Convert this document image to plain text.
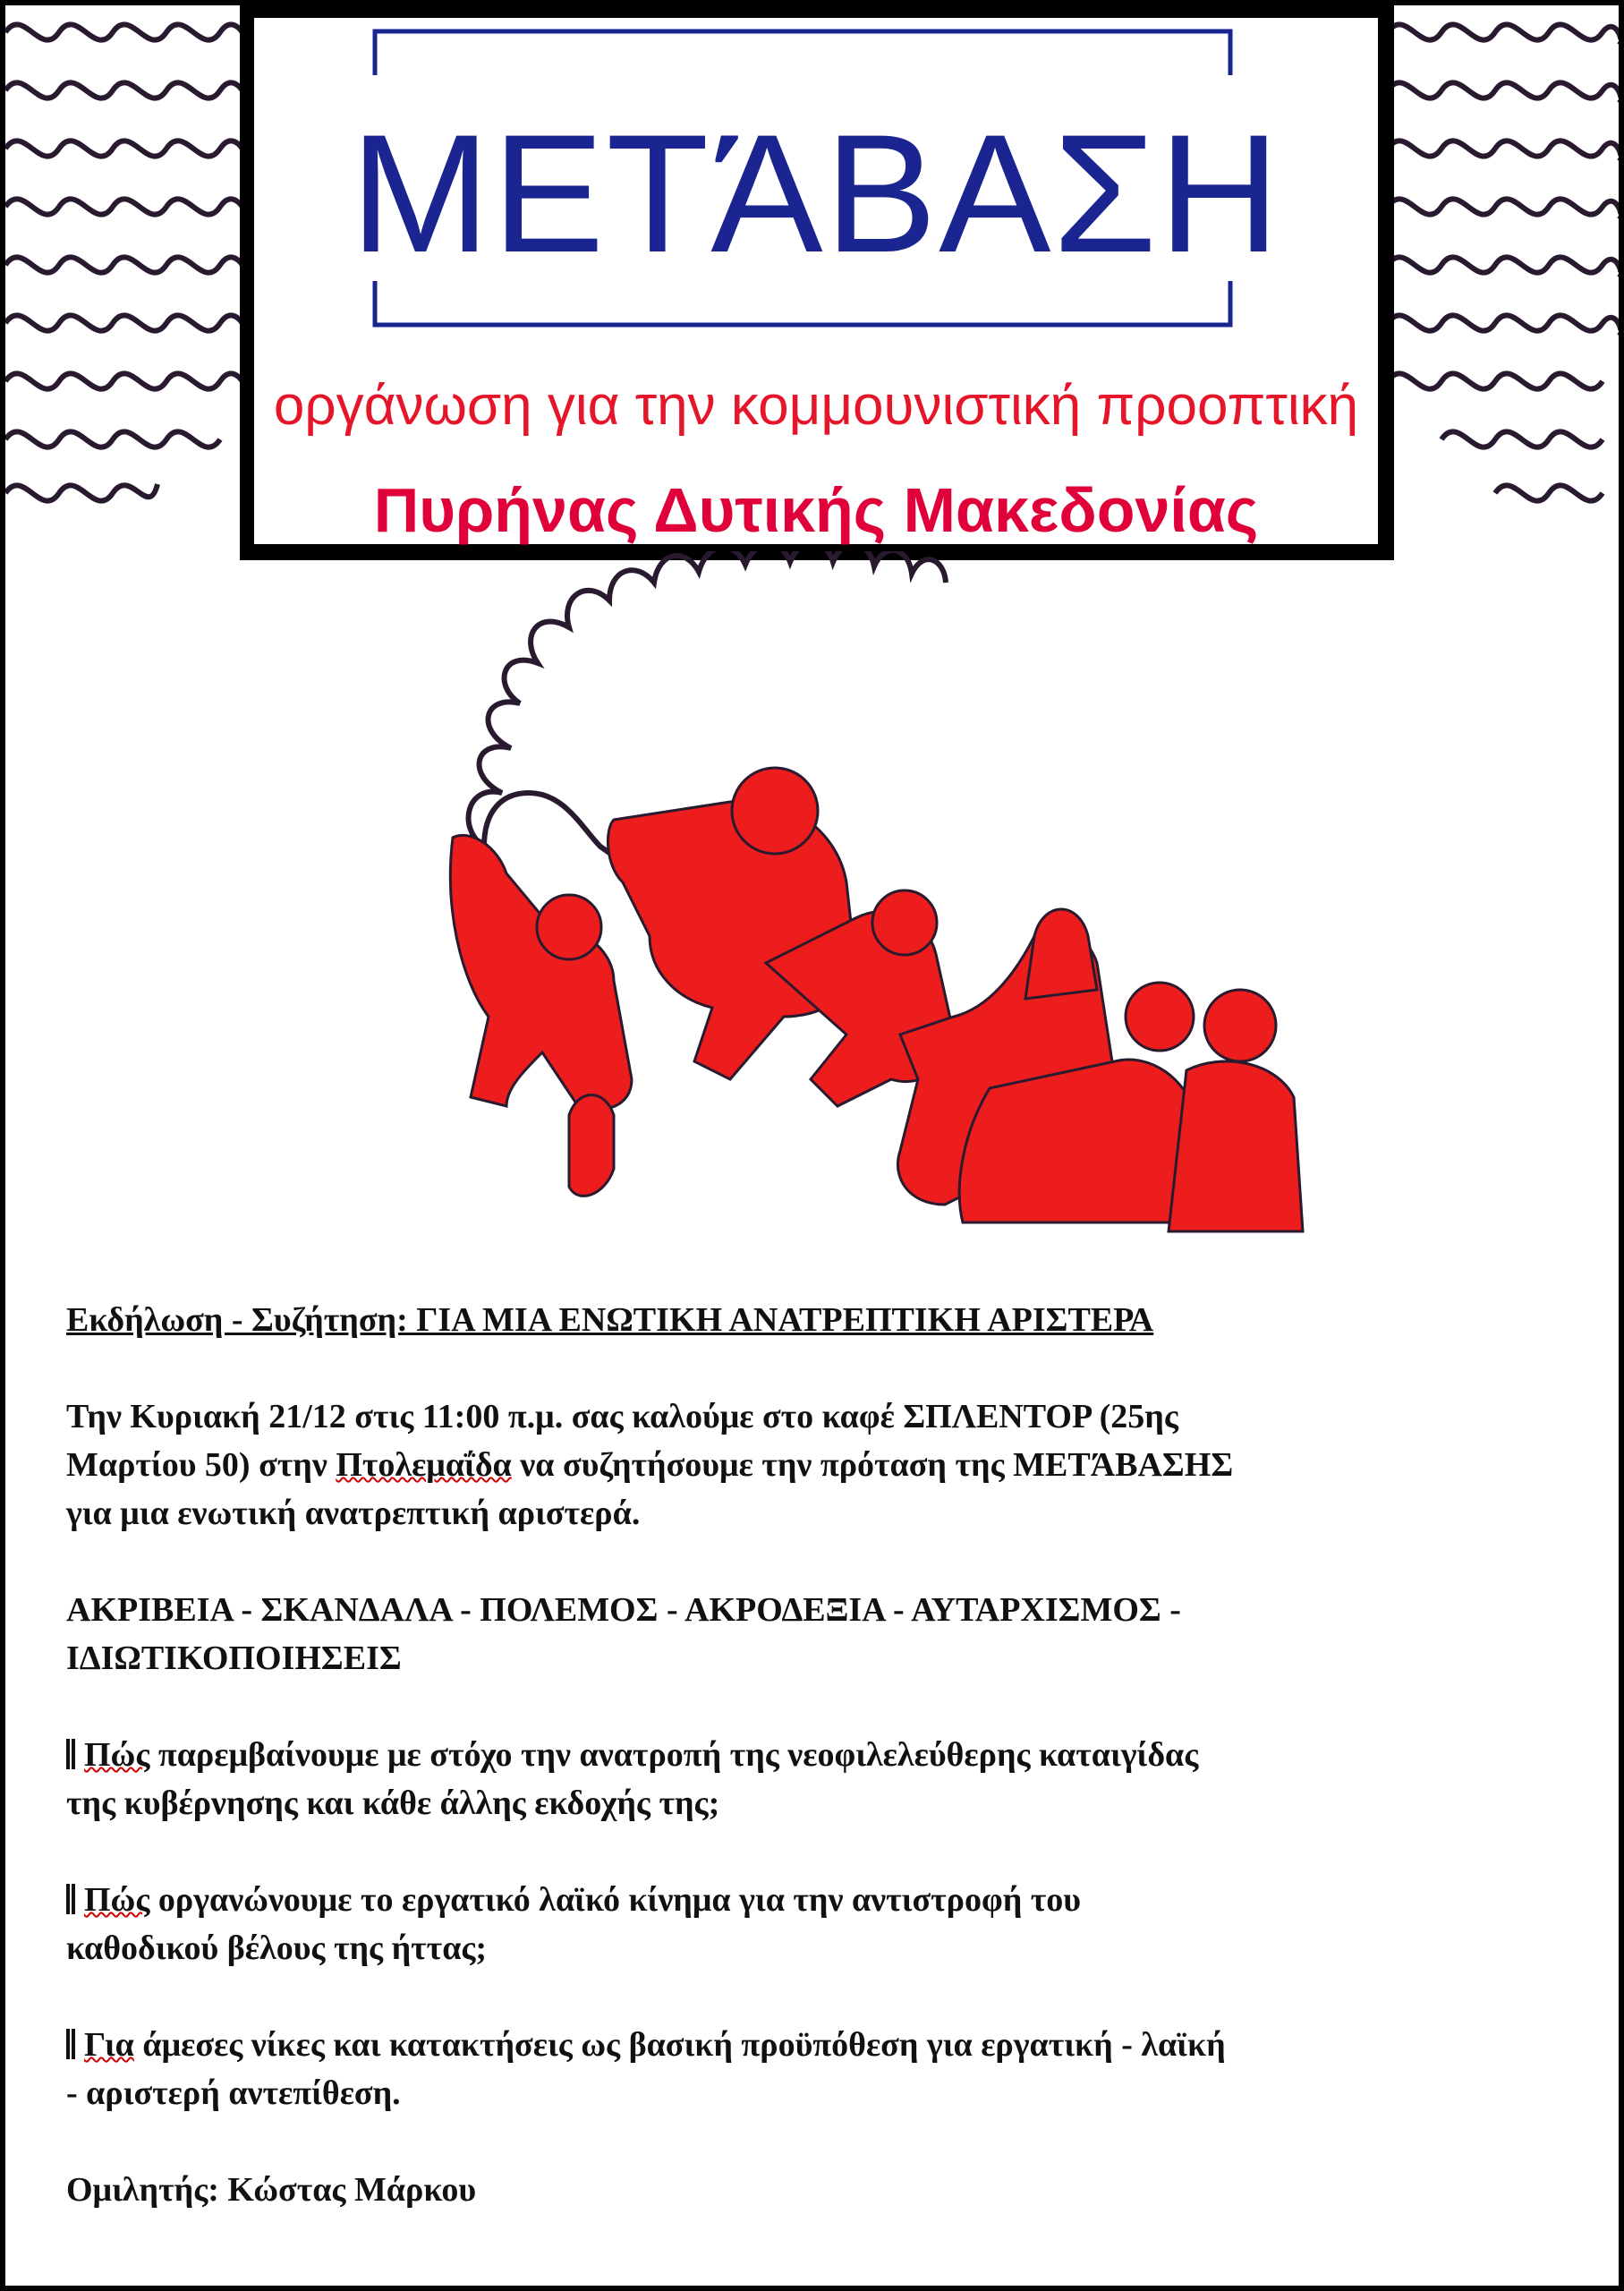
ΜΕΤΆΒΑΣΗ
οργάνωση για την κομμουνιστική προοπτική
Πυρήνας Δυτικής Μακεδονίας

Εκδήλωση - Συζήτηση: ΓΙΑ ΜΙΑ ΕΝΩΤΙΚΗ ΑΝΑΤΡΕΠΤΙΚΗ ΑΡΙΣΤΕΡΑ

Την Κυριακή 21/12 στις 11:00 π.μ. σας καλούμε στο καφέ ΣΠΛΕΝΤΟΡ (25ης

Μαρτίου 50) στην Πτολεμαΐδα να συζητήσουμε την πρόταση της ΜΕΤΆΒΑΣΗΣ

για μια ενωτική ανατρεπτική αριστερά.

ΑΚΡΙΒΕΙΑ - ΣΚΑΝΔΑΛΑ - ΠΟΛΕΜΟΣ - ΑΚΡΟΔΕΞΙΑ - ΑΥΤΑΡΧΙΣΜΟΣ -

ΙΔΙΩΤΙΚΟΠΟΙΗΣΕΙΣ

Πώς παρεμβαίνουμε με στόχο την ανατροπή της νεοφιλελεύθερης καταιγίδας

της κυβέρνησης και κάθε άλλης εκδοχής της;

Πώς οργανώνουμε το εργατικό λαϊκό κίνημα για την αντιστροφή του

καθοδικού βέλους της ήττας;

Για άμεσες νίκες και κατακτήσεις ως βασική προϋπόθεση για εργατική - λαϊκή

- αριστερή αντεπίθεση.

Ομιλητής: Κώστας Μάρκου
